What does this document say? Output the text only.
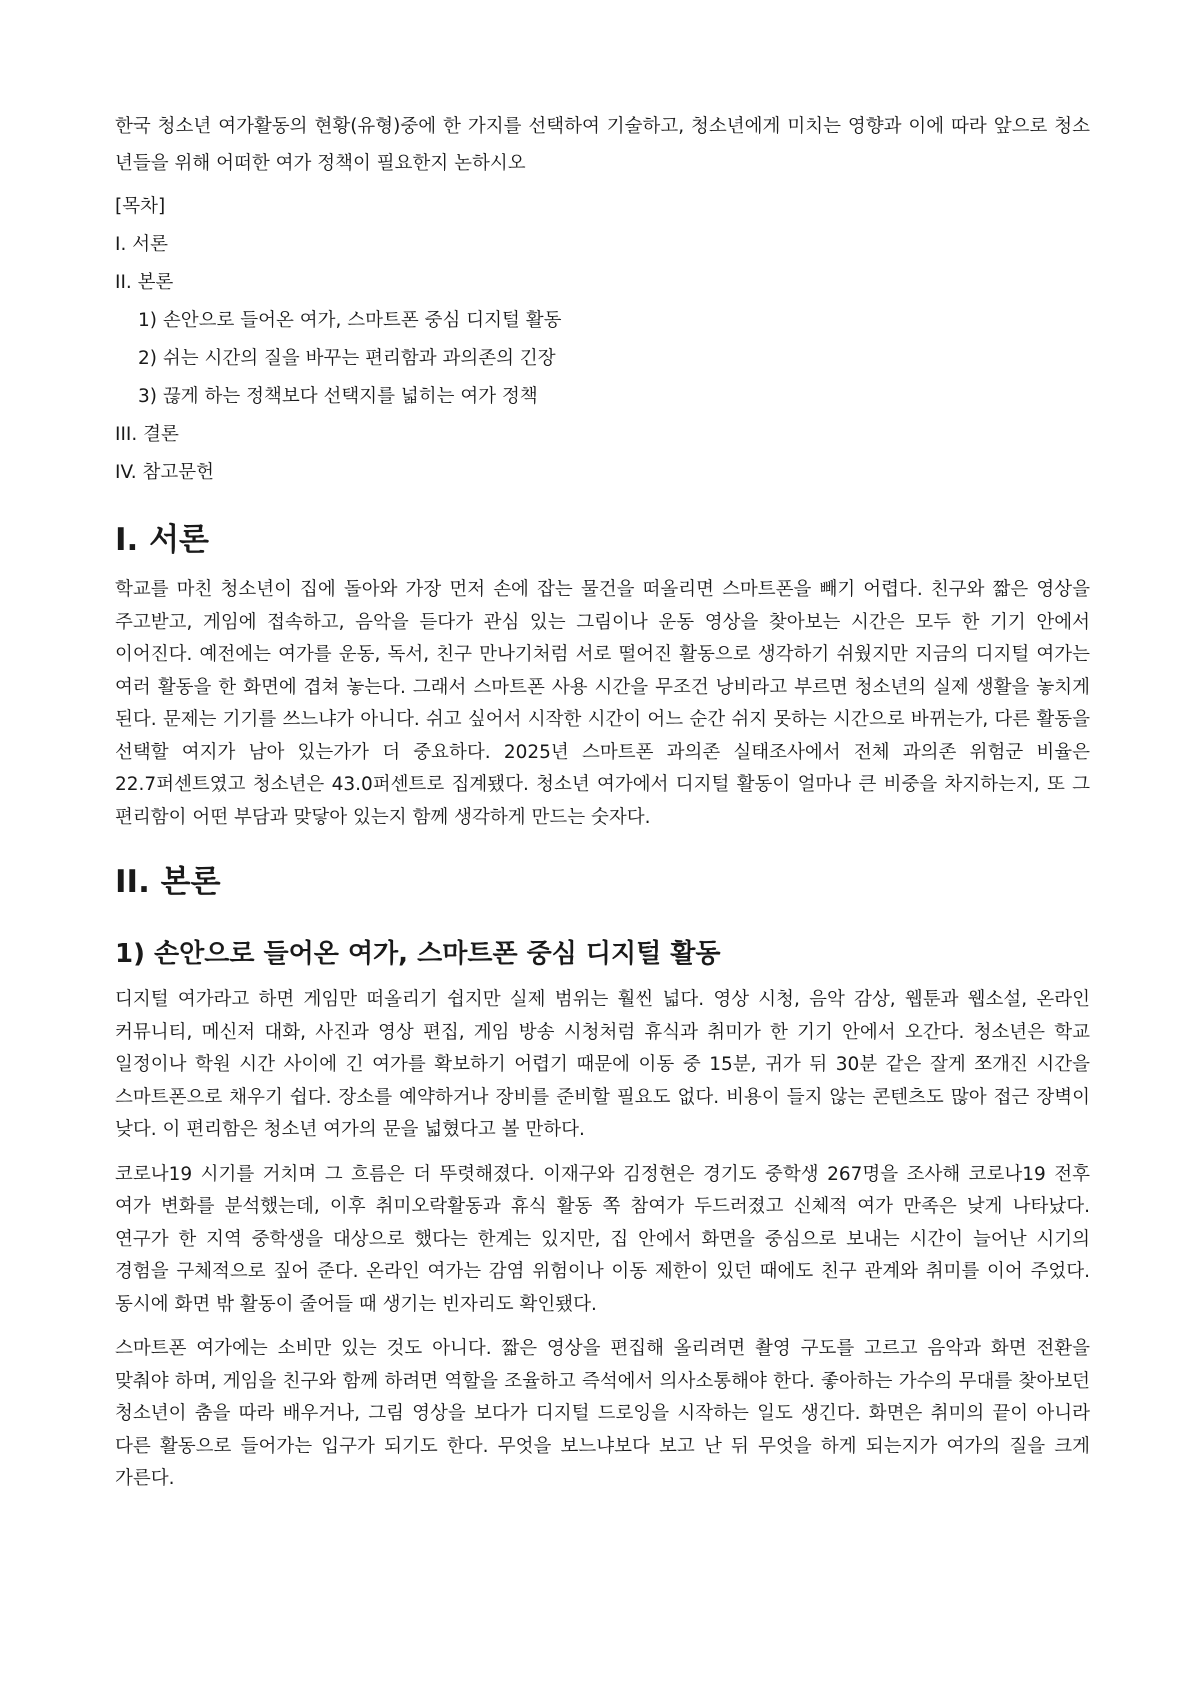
한국 청소년 여가활동의 현황(유형)중에 한 가지를 선택하여 기술하고, 청소년에게 미치는 영향과 이에 따라 앞으로 청소년들을 위해 어떠한 여가 정책이 필요한지 논하시오

[목차]

I. 서론
II. 본론
1) 손안으로 들어온 여가, 스마트폰 중심 디지털 활동
2) 쉬는 시간의 질을 바꾸는 편리함과 과의존의 긴장
3) 끊게 하는 정책보다 선택지를 넓히는 여가 정책
III. 결론
IV. 참고문헌
I. 서론

학교를 마친 청소년이 집에 돌아와 가장 먼저 손에 잡는 물건을 떠올리면 스마트폰을 빼기 어렵다. 친구와 짧은 영상을 주고받고, 게임에 접속하고, 음악을 듣다가 관심 있는 그림이나 운동 영상을 찾아보는 시간은 모두 한 기기 안에서 이어진다. 예전에는 여가를 운동, 독서, 친구 만나기처럼 서로 떨어진 활동으로 생각하기 쉬웠지만 지금의 디지털 여가는 여러 활동을 한 화면에 겹쳐 놓는다. 그래서 스마트폰 사용 시간을 무조건 낭비라고 부르면 청소년의 실제 생활을 놓치게 된다. 문제는 기기를 쓰느냐가 아니다. 쉬고 싶어서 시작한 시간이 어느 순간 쉬지 못하는 시간으로 바뀌는가, 다른 활동을 선택할 여지가 남아 있는가가 더 중요하다. 2025년 스마트폰 과의존 실태조사에서 전체 과의존 위험군 비율은 22.7퍼센트였고 청소년은 43.0퍼센트로 집계됐다. 청소년 여가에서 디지털 활동이 얼마나 큰 비중을 차지하는지, 또 그 편리함이 어떤 부담과 맞닿아 있는지 함께 생각하게 만드는 숫자다.

II. 본론
1) 손안으로 들어온 여가, 스마트폰 중심 디지털 활동

디지털 여가라고 하면 게임만 떠올리기 쉽지만 실제 범위는 훨씬 넓다. 영상 시청, 음악 감상, 웹툰과 웹소설, 온라인 커뮤니티, 메신저 대화, 사진과 영상 편집, 게임 방송 시청처럼 휴식과 취미가 한 기기 안에서 오간다. 청소년은 학교 일정이나 학원 시간 사이에 긴 여가를 확보하기 어렵기 때문에 이동 중 15분, 귀가 뒤 30분 같은 잘게 쪼개진 시간을 스마트폰으로 채우기 쉽다. 장소를 예약하거나 장비를 준비할 필요도 없다. 비용이 들지 않는 콘텐츠도 많아 접근 장벽이 낮다. 이 편리함은 청소년 여가의 문을 넓혔다고 볼 만하다.

코로나19 시기를 거치며 그 흐름은 더 뚜렷해졌다. 이재구와 김정현은 경기도 중학생 267명을 조사해 코로나19 전후 여가 변화를 분석했는데, 이후 취미오락활동과 휴식 활동 쪽 참여가 두드러졌고 신체적 여가 만족은 낮게 나타났다. 연구가 한 지역 중학생을 대상으로 했다는 한계는 있지만, 집 안에서 화면을 중심으로 보내는 시간이 늘어난 시기의 경험을 구체적으로 짚어 준다. 온라인 여가는 감염 위험이나 이동 제한이 있던 때에도 친구 관계와 취미를 이어 주었다. 동시에 화면 밖 활동이 줄어들 때 생기는 빈자리도 확인됐다.

스마트폰 여가에는 소비만 있는 것도 아니다. 짧은 영상을 편집해 올리려면 촬영 구도를 고르고 음악과 화면 전환을 맞춰야 하며, 게임을 친구와 함께 하려면 역할을 조율하고 즉석에서 의사소통해야 한다. 좋아하는 가수의 무대를 찾아보던 청소년이 춤을 따라 배우거나, 그림 영상을 보다가 디지털 드로잉을 시작하는 일도 생긴다. 화면은 취미의 끝이 아니라 다른 활동으로 들어가는 입구가 되기도 한다. 무엇을 보느냐보다 보고 난 뒤 무엇을 하게 되는지가 여가의 질을 크게 가른다.
